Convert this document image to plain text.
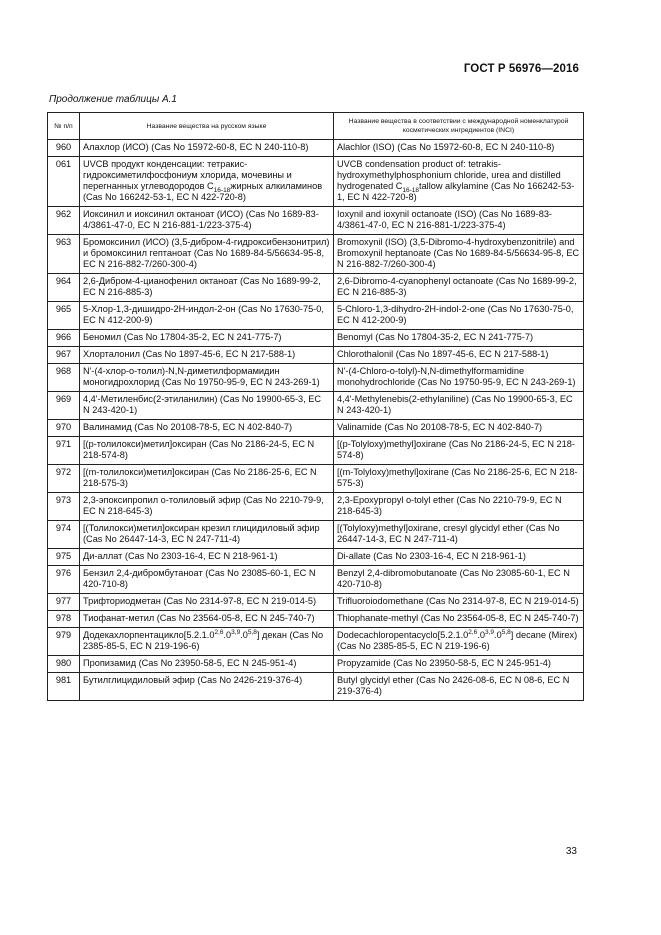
ГОСТ Р 56976—2016
Продолжение таблицы А.1
№ п/п	Название вещества на русском языке	Название вещества в соответствии с международной номенклатурой косметических ингредиентов (INCI)
960	Алахлор (ИСО) (Cas No 15972-60-8, EC N 240-110-8)	Alachlor (ISO) (Cas No 15972-60-8, EC N 240-110-8)
061	UVCB продукт конденсации: тетракис-гидроксиметилфосфониум хлорида, мочевины и перегнанных углеводородов $C_{16-18}жирных$ алкиламинов (Cas No 166242-53-1, EC N 422-720-8)	UVCB condensation product of: tetrakis-hydroxymethylphosphonium chloride, urea and distilled hydrogenated $C_{16-18}tallow$ alkylamine (Cas No 166242-53-1, EC N 422-720-8)
962	Иоксинил и иоксинил октаноат (ИСО) (Cas No 1689-83-4/3861-47-0, EC N 216-881-1/223-375-4)	Ioxynil and ioxynil octanoate (ISO) (Cas No 1689-83-4/3861-47-0, EC N 216-881-1/223-375-4)
963	Бромоксинил (ИСО) (3,5-дибром-4-гидроксибензонитрил) и бромоксинил гептаноат (Cas No 1689-84-5/56634-95-8, EC N 216-882-7/260-300-4)	Bromoxynil (ISO) (3,5-Dibromo-4-hydroxybenzonitrile) and Bromoxynil heptanoate (Cas No 1689-84-5/56634-95-8, EC N 216-882-7/260-300-4)
964	2,6-Дибром-4-цианофенил октаноат (Cas No 1689-99-2, EC N 216-885-3)	2,6-Dibromo-4-cyanophenyl octanoate (Cas No 1689-99-2, EC N 216-885-3)
965	5-Хлор-1,3-дишидро-2Н-индол-2-он (Cas No 17630-75-0, EC N 412-200-9)	5-Chloro-1,3-dihydro-2H-indol-2-one (Cas No 17630-75-0, EC N 412-200-9)
966	Беномил (Cas No 17804-35-2, EC N 241-775-7)	Benomyl (Cas No 17804-35-2, EC N 241-775-7)
967	Хлорталонил (Cas No 1897-45-6, EC N 217-588-1)	Chlorothalonil (Cas No 1897-45-6, EC N 217-588-1)
968	N'-(4-хлор-о-толил)-N,N-диметилформамидин моногидрохлорид (Cas No 19750-95-9, EC N 243-269-1)	N'-(4-Chloro-o-tolyl)-N,N-dimethylformamidine monohydrochloride (Cas No 19750-95-9, EC N 243-269-1)
969	4,4'-Метиленбис(2-этиланилин) (Cas No 19900-65-3, EC N 243-420-1)	4,4'-Methylenebis(2-ethylaniline) (Cas No 19900-65-3, EC N 243-420-1)
970	Валинамид (Cas No 20108-78-5, EC N 402-840-7)	Valinamide (Cas No 20108-78-5, EC N 402-840-7)
971	[(р-толилокси)метил]оксиран (Cas No 2186-24-5, EC N 218-574-8)	[(p-Tolyloxy)methyl]oxirane (Cas No 2186-24-5, EC N 218-574-8)
972	[(m-толилокси)метил]оксиран (Cas No 2186-25-6, EC N 218-575-3)	[(m-Tolyloxy)methyl]oxirane (Cas No 2186-25-6, EC N 218-575-3)
973	2,3-эпоксипропил о-толиловый эфир (Cas No 2210-79-9, EC N 218-645-3)	2,3-Epoxypropyl o-tolyl ether (Cas No 2210-79-9, EC N 218-645-3)
974	[(Толилокси)метил]оксиран крезил глицидиловый эфир (Cas No 26447-14-3, EC N 247-711-4)	[(Tolyloxy)methyl]oxirane, cresyl glycidyl ether (Cas No 26447-14-3, EC N 247-711-4)
975	Ди-аллат (Cas No 2303-16-4, EC N 218-961-1)	Di-allate (Cas No 2303-16-4, EC N 218-961-1)
976	Бензил 2,4-дибромбутаноат (Cas No 23085-60-1, EC N 420-710-8)	Benzyl 2,4-dibromobutanoate (Cas No 23085-60-1, EC N 420-710-8)
977	Трифториодметан (Cas No 2314-97-8, EC N 219-014-5)	Trifluoroiodomethane (Cas No 2314-97-8, EC N 219-014-5)
978	Тиофанат-метил (Cas No 23564-05-8, EC N 245-740-7)	Thiophanate-methyl (Cas No 23564-05-8, EC N 245-740-7)
979	Додекахлорпентацикло[5.2.1.0$^{2,6}$.0$^{3,9}$.0$^{5,8}$] декан (Cas No 2385-85-5, EC N 219-196-6)	Dodecachloropentacyclo[5.2.1.0$^{2,6}$.0$^{3,9}$.0$^{5,8}$] decane (Mirex) (Cas No 2385-85-5, EC N 219-196-6)
980	Пропизамид (Cas No 23950-58-5, EC N 245-951-4)	Propyzamide (Cas No 23950-58-5, EC N 245-951-4)
981	Бутилглицидиловый эфир (Cas No 2426-219-376-4)	Butyl glycidyl ether (Cas No 2426-08-6, EC N 08-6, EC N 219-376-4)
33
